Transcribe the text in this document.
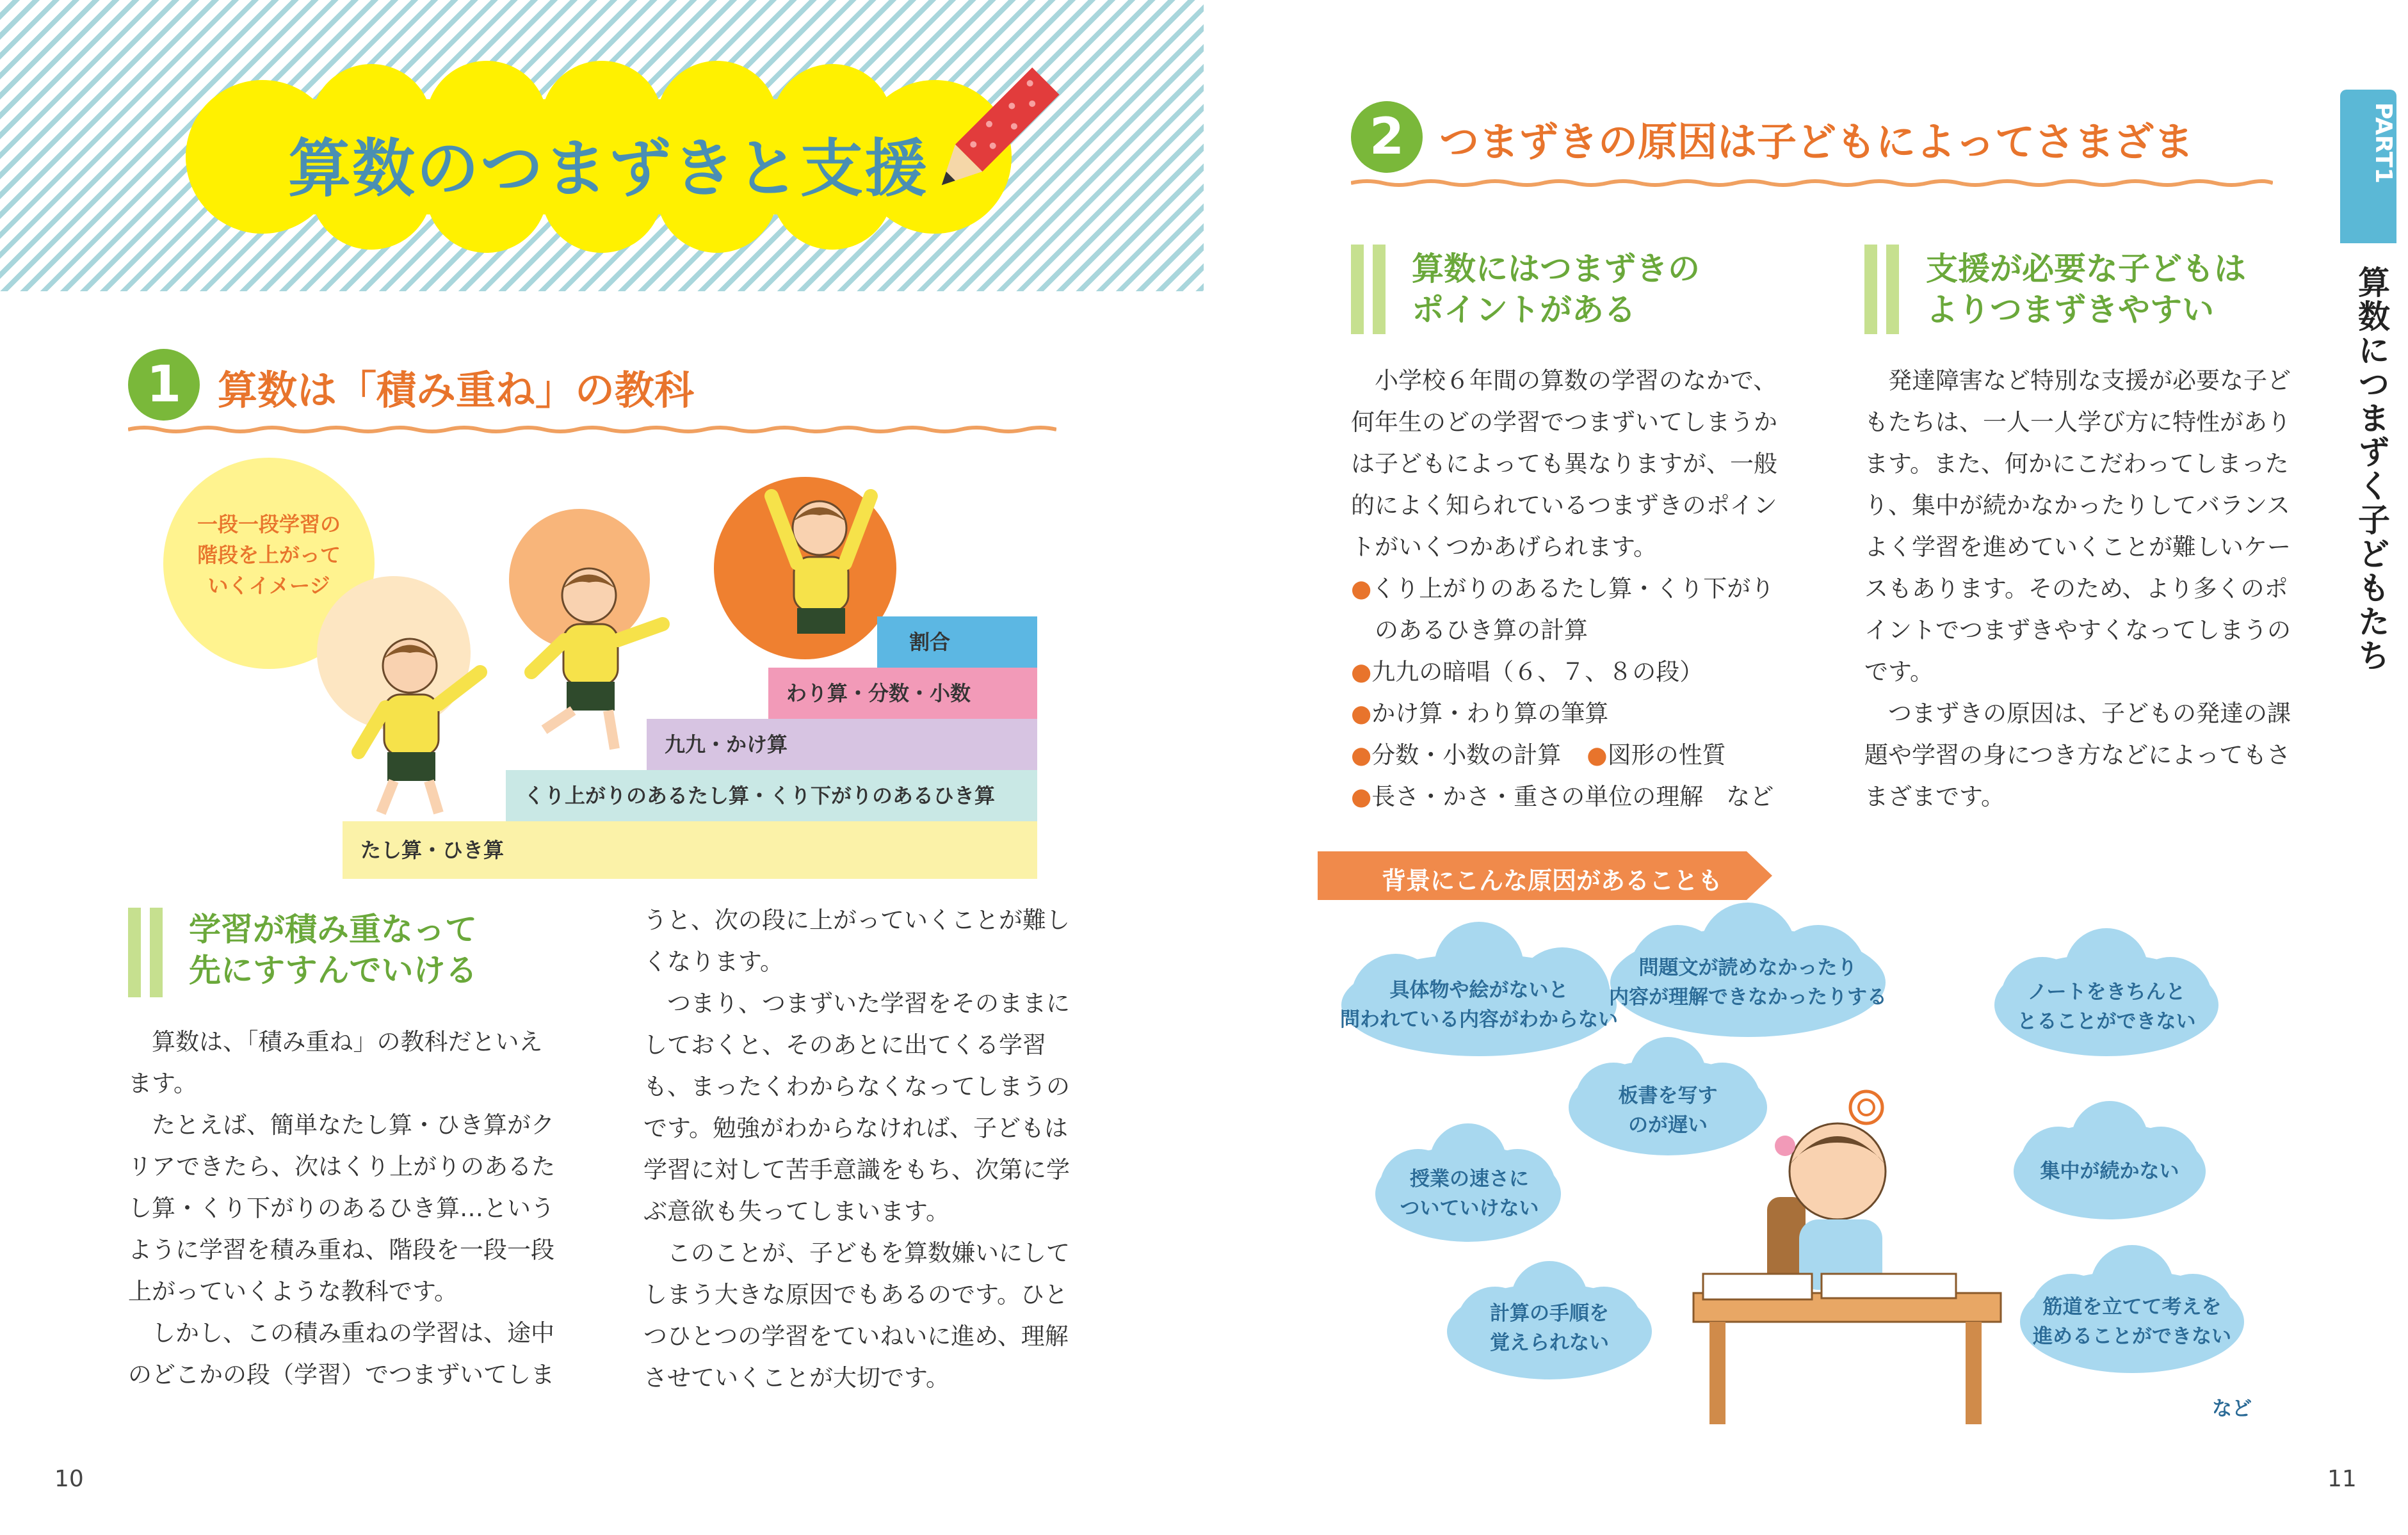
算数のつまずきと支援
1 算数は「積み重ね」の教科
一段一段学習の
階段を上がって
いくイメージ
たし算・ひき算
くり上がりのあるたし算・くり下がりのあるひき算
九九・かけ算
わり算・分数・小数
割合
学習が積み重なって
先にすすんでいける

算数は、「積み重ね」の教科だといえ

ます。

たとえば、簡単なたし算・ひき算がク

リアできたら、次はくり上がりのあるた

し算・くり下がりのあるひき算…という

ように学習を積み重ね、階段を一段一段

上がっていくような教科です。

しかし、この積み重ねの学習は、途中

のどこかの段（学習）でつまずいてしま

うと、次の段に上がっていくことが難し

くなります。

つまり、つまずいた学習をそのままに

しておくと、そのあとに出てくる学習

も、まったくわからなくなってしまうの

です。勉強がわからなければ、子どもは

学習に対して苦手意識をもち、次第に学

ぶ意欲も失ってしまいます。

このことが、子どもを算数嫌いにして

しまう大きな原因でもあるのです。ひと

つひとつの学習をていねいに進め、理解

させていくことが大切です。

10
2 つまずきの原因は子どもによってさまざま
算数にはつまずきの
ポイントがある

小学校６年間の算数の学習のなかで、

何年生のどの学習でつまずいてしまうか

は子どもによっても異なりますが、一般

的によく知られているつまずきのポイン

トがいくつかあげられます。

●くり上がりのあるたし算・くり下がり
のあるひき算の計算
●九九の暗唱（６、７、８の段）
●かけ算・わり算の筆算
●分数・小数の計算 ●図形の性質
●長さ・かさ・重さの単位の理解 など
支援が必要な子どもは
よりつまずきやすい

発達障害など特別な支援が必要な子ど

もたちは、一人一人学び方に特性があり

ます。また、何かにこだわってしまった

り、集中が続かなかったりしてバランス

よく学習を進めていくことが難しいケー

スもあります。そのため、より多くのポ

イントでつまずきやすくなってしまうの

です。

つまずきの原因は、子どもの発達の課

題や学習の身につき方などによってもさ

まざまです。

背景にこんな原因があることも
具体物や絵がないと
問われている内容がわからない
問題文が読めなかったり
内容が理解できなかったりする	ノートをきちんと
とることができない
板書を写す
のが遅い
授業の速さに
ついていけない
集中が続かない
計算の手順を
覚えられない
筋道を立てて考えを
進めることができない
など
PART1
算数につまずく子どもたち
11
